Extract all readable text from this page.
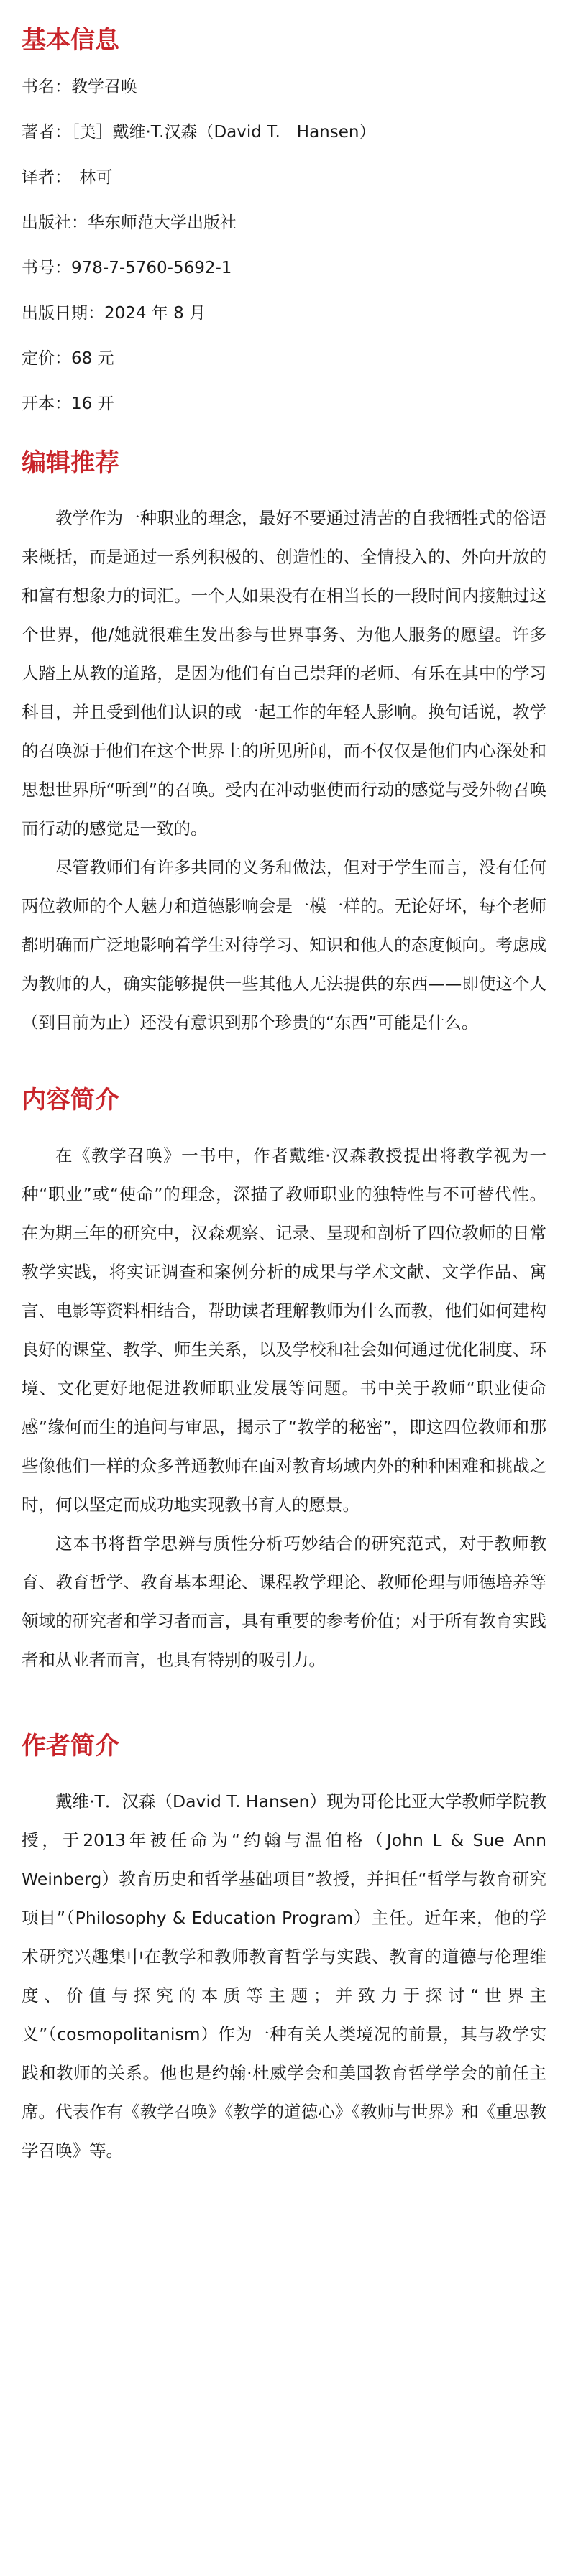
基本信息
书名：教学召唤
著者：［美］戴维·T.汉森（David T.　Hansen）
译者：　林可
出版社：华东师范大学出版社
书号：978-7-5760-5692-1
出版日期：2024 年 8 月
定价：68 元
开本：16 开
编辑推荐

教学作为一种职业的理念，最好不要通过清苦的自我牺牲式的俗语来概括，而是通过一系列积极的、创造性的、全情投入的、外向开放的和富有想象力的词汇。一个人如果没有在相当长的一段时间内接触过这个世界，他/她就很难生发出参与世界事务、为他人服务的愿望。许多人踏上从教的道路，是因为他们有自己崇拜的老师、有乐在其中的学习科目，并且受到他们认识的或一起工作的年轻人影响。换句话说，教学的召唤源于他们在这个世界上的所见所闻，而不仅仅是他们内心深处和思想世界所“听到”的召唤。受内在冲动驱使而行动的感觉与受外物召唤而行动的感觉是一致的。

尽管教师们有许多共同的义务和做法，但对于学生而言，没有任何两位教师的个人魅力和道德影响会是一模一样的。无论好坏，每个老师都明确而广泛地影响着学生对待学习、知识和他人的态度倾向。考虑成为教师的人，确实能够提供一些其他人无法提供的东西——即使这个人（到目前为止）还没有意识到那个珍贵的“东西”可能是什么。

内容简介

在《教学召唤》一书中，作者戴维·汉森教授提出将教学视为一种“职业”或“使命”的理念，深描了教师职业的独特性与不可替代性。在为期三年的研究中，汉森观察、记录、呈现和剖析了四位教师的日常教学实践，将实证调查和案例分析的成果与学术文献、文学作品、寓言、电影等资料相结合，帮助读者理解教师为什么而教，他们如何建构良好的课堂、教学、师生关系，以及学校和社会如何通过优化制度、环境、文化更好地促进教师职业发展等问题。书中关于教师“职业使命感”缘何而生的追问与审思，揭示了“教学的秘密”，即这四位教师和那些像他们一样的众多普通教师在面对教育场域内外的种种困难和挑战之时，何以坚定而成功地实现教书育人的愿景。

这本书将哲学思辨与质性分析巧妙结合的研究范式，对于教师教育、教育哲学、教育基本理论、课程教学理论、教师伦理与师德培养等领域的研究者和学习者而言，具有重要的参考价值；对于所有教育实践者和从业者而言，也具有特别的吸引力。

作者简介

戴维·T．汉森（David T. Hansen）现为哥伦比亚大学教师学院教授，于2013年被任命为“约翰与温伯格（John L & Sue Ann Weinberg）教育历史和哲学基础项目”教授，并担任“哲学与教育研究项目”（Philosophy & Education Program）主任。近年来，他的学术研究兴趣集中在教学和教师教育哲学与实践、教育的道德与伦理维度、价值与探究的本质等主题；并致力于探讨“世界主义”（cosmopolitanism）作为一种有关人类境况的前景，其与教学实践和教师的关系。他也是约翰·杜威学会和美国教育哲学学会的前任主席。代表作有《教学召唤》《教学的道德心》《教师与世界》和《重思教学召唤》等。
